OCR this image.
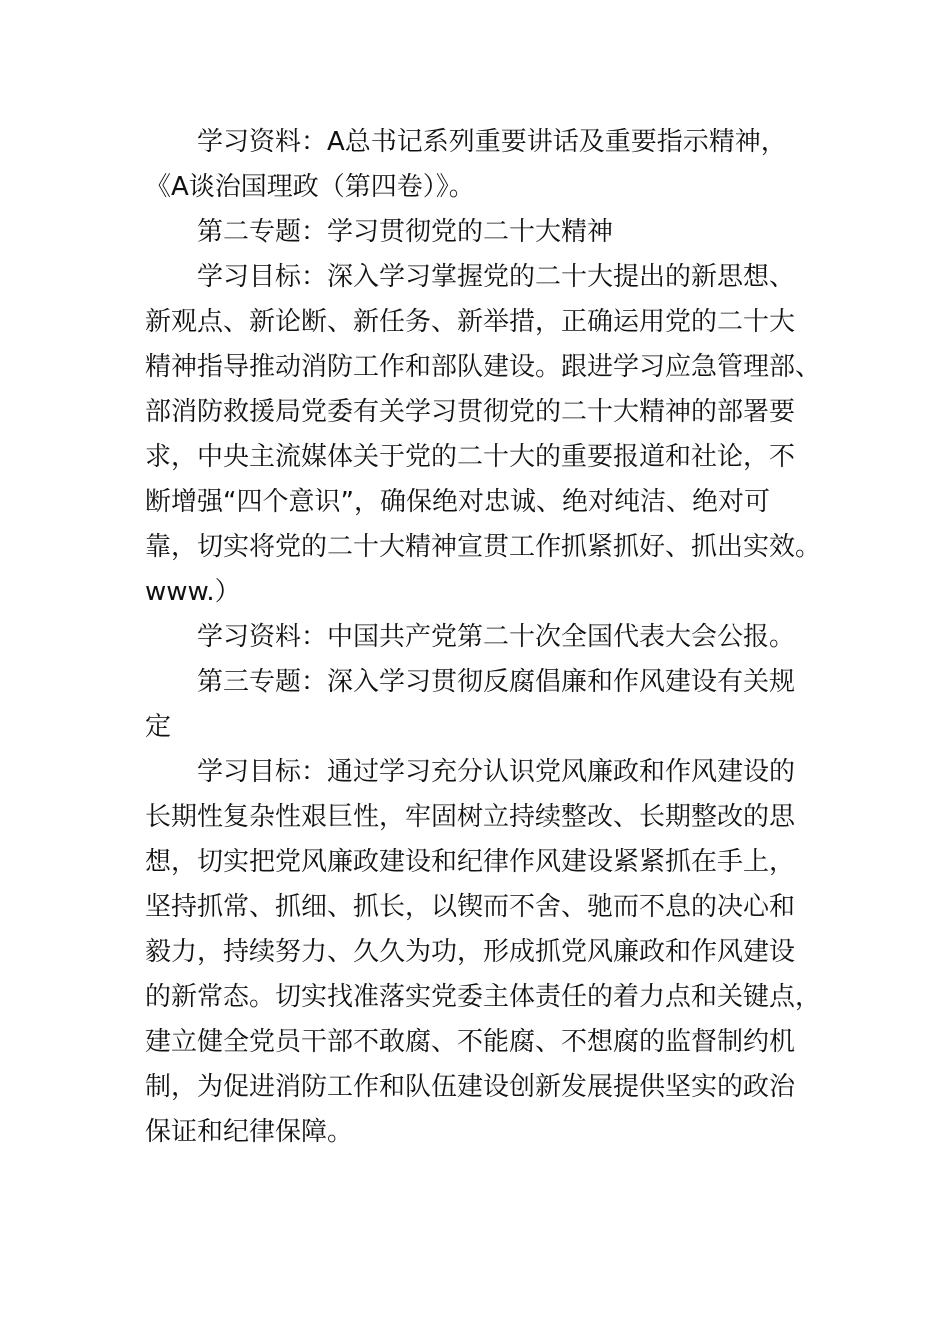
学习资料：A总书记系列重要讲话及重要指示精神，
《A谈治国理政（第四卷）》。

第二专题：学习贯彻党的二十大精神

学习目标：深入学习掌握党的二十大提出的新思想、
新观点、新论断、新任务、新举措，正确运用党的二十大
精神指导推动消防工作和部队建设。跟进学习应急管理部、
部消防救援局党委有关学习贯彻党的二十大精神的部署要
求，中央主流媒体关于党的二十大的重要报道和社论，不
断增强“四个意识”，确保绝对忠诚、绝对纯洁、绝对可
靠，切实将党的二十大精神宣贯工作抓紧抓好、抓出实效。
www.）

学习资料：中国共产党第二十次全国代表大会公报。

第三专题：深入学习贯彻反腐倡廉和作风建设有关规
定

学习目标：通过学习充分认识党风廉政和作风建设的
长期性复杂性艰巨性，牢固树立持续整改、长期整改的思
想，切实把党风廉政建设和纪律作风建设紧紧抓在手上，
坚持抓常、抓细、抓长，以锲而不舍、驰而不息的决心和
毅力，持续努力、久久为功，形成抓党风廉政和作风建设
的新常态。切实找准落实党委主体责任的着力点和关键点，
建立健全党员干部不敢腐、不能腐、不想腐的监督制约机
制，为促进消防工作和队伍建设创新发展提供坚实的政治
保证和纪律保障。
